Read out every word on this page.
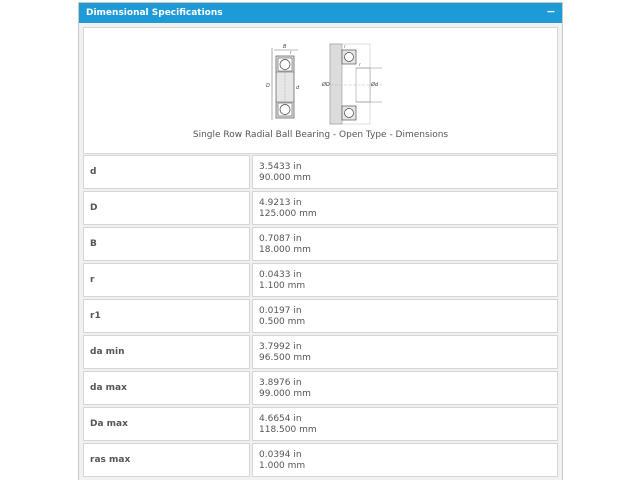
Dimensional Specifications	−
B
r
D	d
r
r
ØD	Ød
Single Row Radial Ball Bearing - Open Type - Dimensions
d	3.5433 in
90.000 mm
D	4.9213 in
125.000 mm
B	0.7087 in
18.000 mm
r	0.0433 in
1.100 mm
r1	0.0197 in
0.500 mm
da min	3.7992 in
96.500 mm
da max	3.8976 in
99.000 mm
Da max	4.6654 in
118.500 mm
ras max	0.0394 in
1.000 mm
